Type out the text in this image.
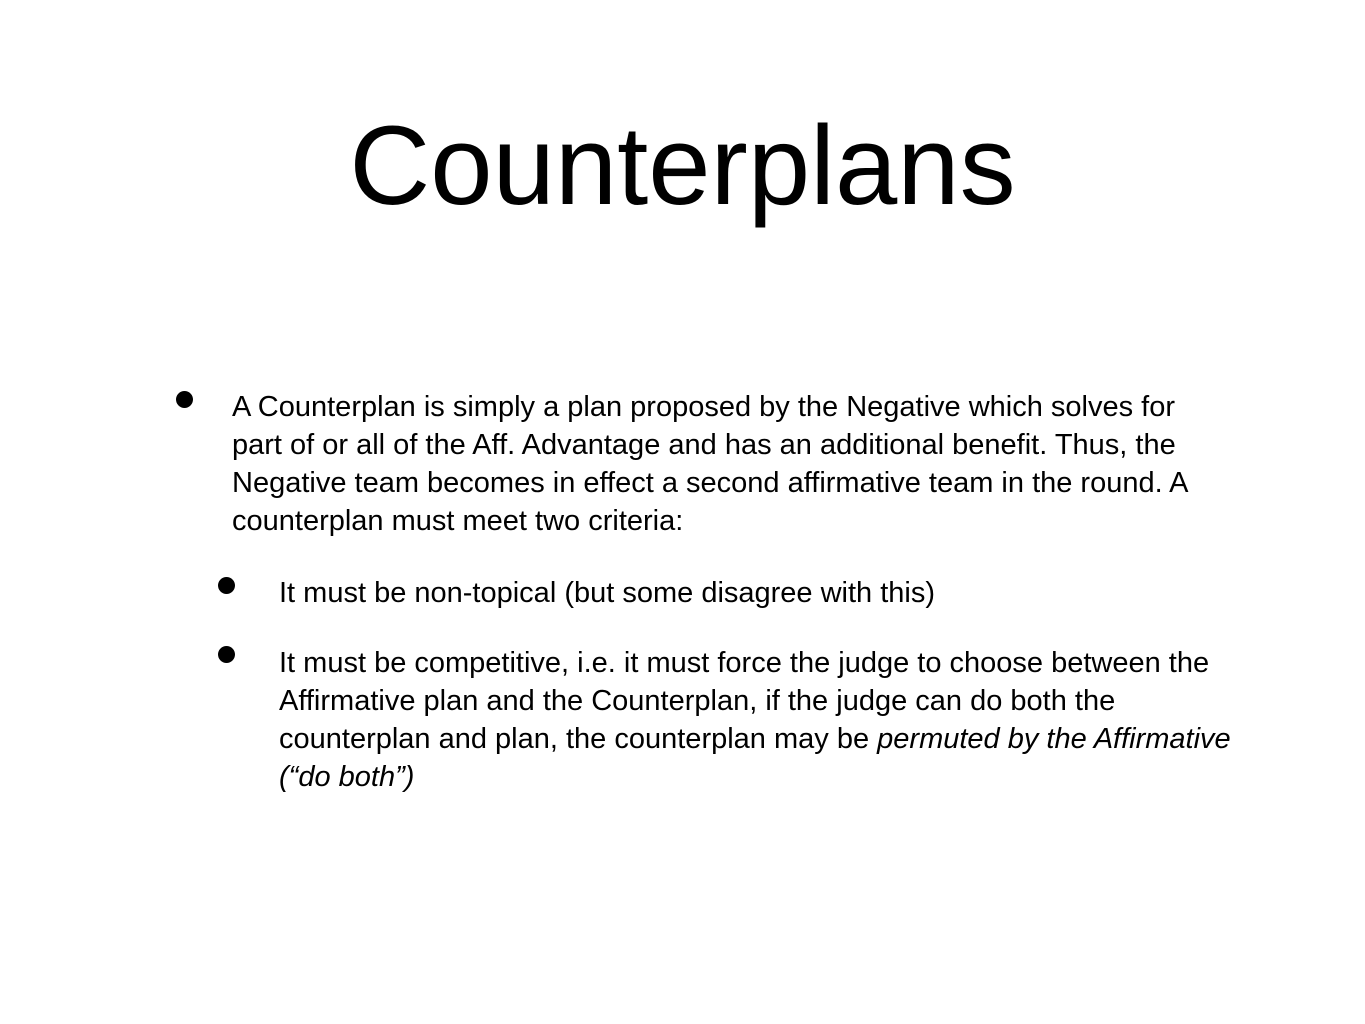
Counterplans
A Counterplan is simply a plan proposed by the Negative which solves for part of or all of the Aff. Advantage and has an additional benefit. Thus, the Negative team becomes in effect a second affirmative team in the round. A counterplan must meet two criteria:
It must be non-topical (but some disagree with this)
It must be competitive, i.e. it must force the judge to choose between the Affirmative plan and the Counterplan, if the judge can do both the counterplan and plan, the counterplan may be permuted by the Affirmative (“do both”)
